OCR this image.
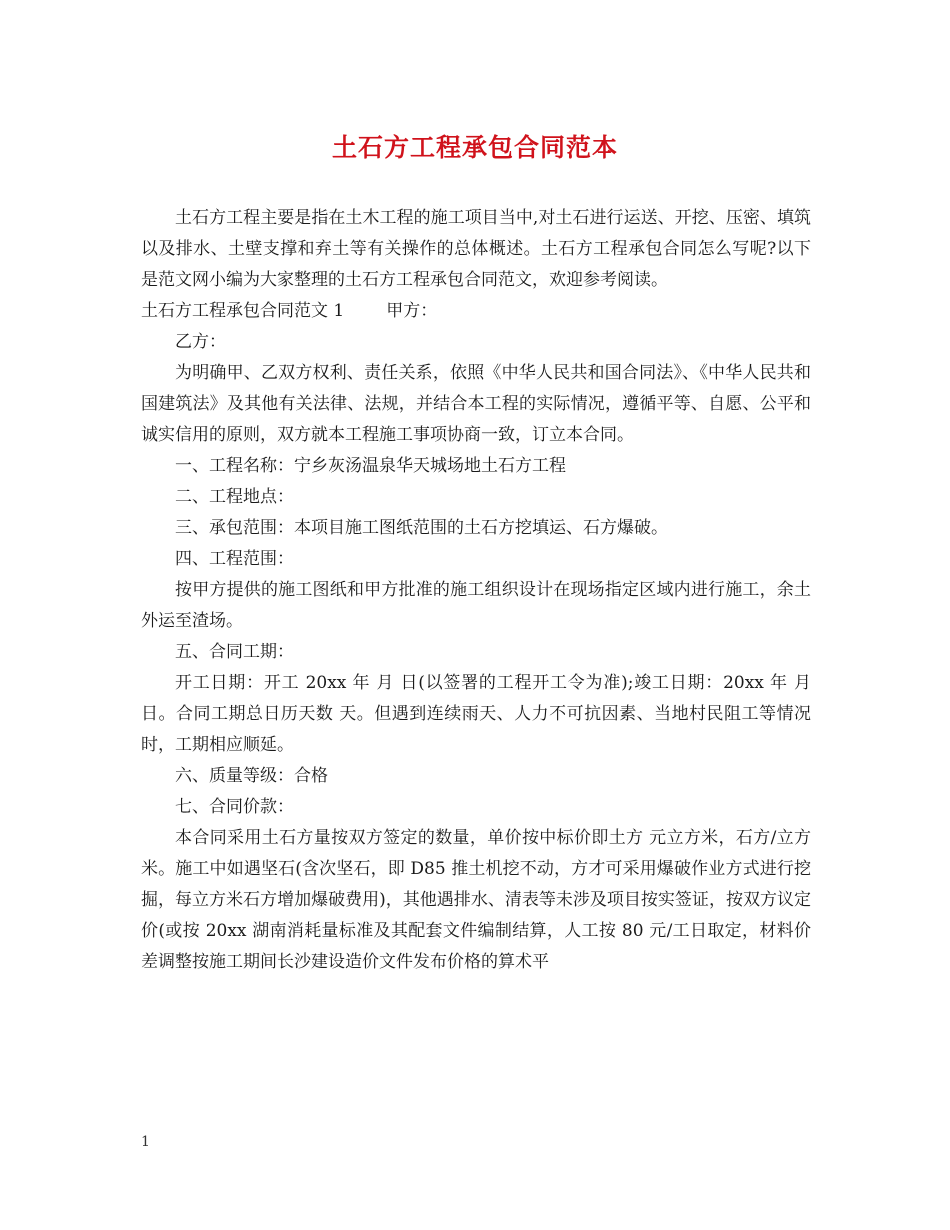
土石方工程承包合同范本

土石方工程主要是指在土木工程的施工项目当中,对土石进行运送、开挖、压密、填筑以及排水、土壁支撑和弃土等有关操作的总体概述。土石方工程承包合同怎么写呢?以下是范文网小编为大家整理的土石方工程承包合同范文，欢迎参考阅读。

土石方工程承包合同范文 1 甲方：

乙方：

为明确甲、乙双方权利、责任关系，依照《中华人民共和国合同法》、《中华人民共和国建筑法》及其他有关法律、法规，并结合本工程的实际情况，遵循平等、自愿、公平和诚实信用的原则，双方就本工程施工事项协商一致，订立本合同。

一、工程名称：宁乡灰汤温泉华天城场地土石方工程

二、工程地点：

三、承包范围：本项目施工图纸范围的土石方挖填运、石方爆破。

四、工程范围：

按甲方提供的施工图纸和甲方批准的施工组织设计在现场指定区域内进行施工，余土外运至渣场。

五、合同工期：

开工日期：开工 20xx 年 月 日(以签署的工程开工令为准);竣工日期：20xx 年 月 日。合同工期总日历天数 天。但遇到连续雨天、人力不可抗因素、当地村民阻工等情况时，工期相应顺延。

六、质量等级：合格

七、合同价款：

本合同采用土石方量按双方签定的数量，单价按中标价即土方 元立方米，石方/立方米。施工中如遇坚石(含次坚石，即 D85 推土机挖不动，方才可采用爆破作业方式进行挖掘，每立方米石方增加爆破费用)，其他遇排水、清表等未涉及项目按实签证，按双方议定价(或按 20xx 湖南消耗量标准及其配套文件编制结算，人工按 80 元/工日取定，材料价差调整按施工期间长沙建设造价文件发布价格的算术平

1
